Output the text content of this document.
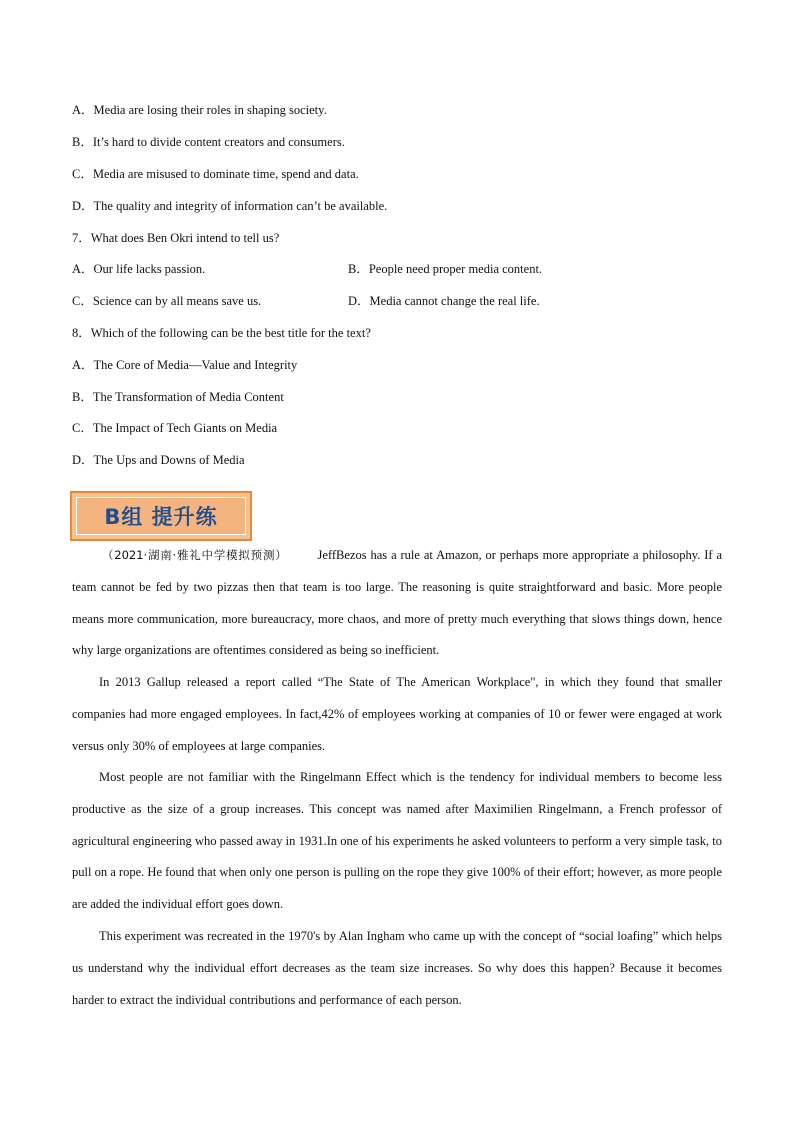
A．Media are losing their roles in shaping society.
B．It’s hard to divide content creators and consumers.
C．Media are misused to dominate time, spend and data.
D．The quality and integrity of information can’t be available.
7．What does Ben Okri intend to tell us?
A．Our life lacks passion.	B．People need proper media content.
C．Science can by all means save us.	D．Media cannot change the real life.
8．Which of the following can be the best title for the text?
A．The Core of Media—Value and Integrity
B．The Transformation of Media Content
C．The Impact of Tech Giants on Media
D．The Ups and Downs of Media
B组 提升练

（2021·湖南·雅礼中学模拟预测） JeffBezos has a rule at Amazon, or perhaps more appropriate a philosophy. If a team cannot be fed by two pizzas then that team is too large. The reasoning is quite straightforward and basic. More people means more communication, more bureaucracy, more chaos, and more of pretty much everything that slows things down, hence why large organizations are oftentimes considered as being so inefficient.

In 2013 Gallup released a report called “The State of The American Workplace", in which they found that smaller companies had more engaged employees. In fact,42% of employees working at companies of 10 or fewer were engaged at work versus only 30% of employees at large companies.

Most people are not familiar with the Ringelmann Effect which is the tendency for individual members to become less productive as the size of a group increases. This concept was named after Maximilien Ringelmann, a French professor of agricultural engineering who passed away in 1931.In one of his experiments he asked volunteers to perform a very simple task, to pull on a rope. He found that when only one person is pulling on the rope they give 100% of their effort; however, as more people are added the individual effort goes down.

This experiment was recreated in the 1970's by Alan Ingham who came up with the concept of “social loafing” which helps us understand why the individual effort decreases as the team size increases. So why does this happen? Because it becomes harder to extract the individual contributions and performance of each person.
